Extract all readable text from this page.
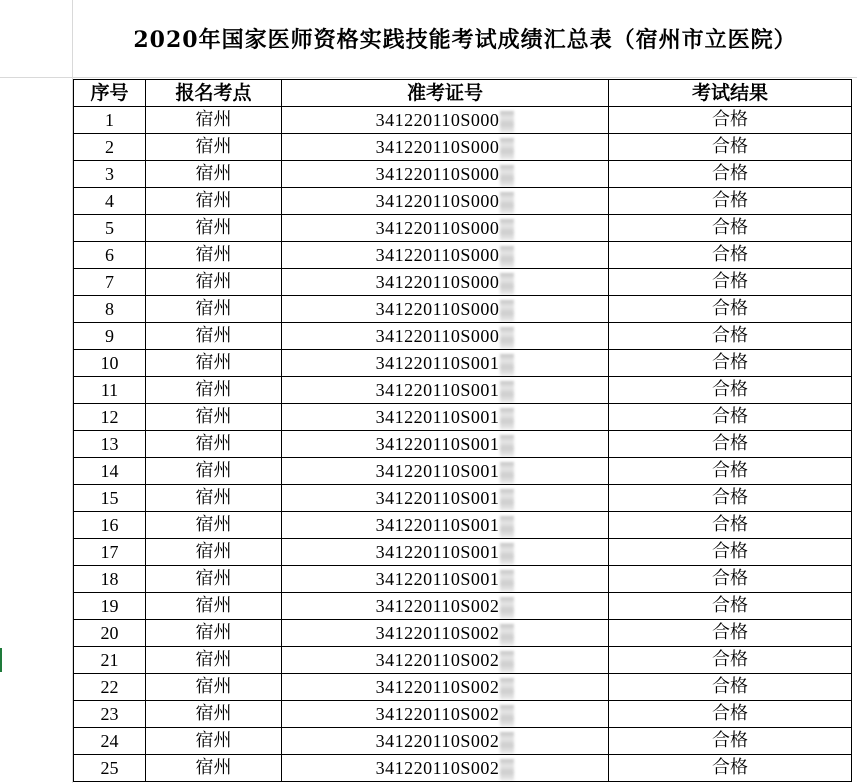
2020年国家医师资格实践技能考试成绩汇总表（宿州市立医院）
序号	报名考点	准考证号	考试结果
1	宿州	341220110S000	合格
2	宿州	341220110S000	合格
3	宿州	341220110S000	合格
4	宿州	341220110S000	合格
5	宿州	341220110S000	合格
6	宿州	341220110S000	合格
7	宿州	341220110S000	合格
8	宿州	341220110S000	合格
9	宿州	341220110S000	合格
10	宿州	341220110S001	合格
11	宿州	341220110S001	合格
12	宿州	341220110S001	合格
13	宿州	341220110S001	合格
14	宿州	341220110S001	合格
15	宿州	341220110S001	合格
16	宿州	341220110S001	合格
17	宿州	341220110S001	合格
18	宿州	341220110S001	合格
19	宿州	341220110S002	合格
20	宿州	341220110S002	合格
21	宿州	341220110S002	合格
22	宿州	341220110S002	合格
23	宿州	341220110S002	合格
24	宿州	341220110S002	合格
25	宿州	341220110S002	合格
